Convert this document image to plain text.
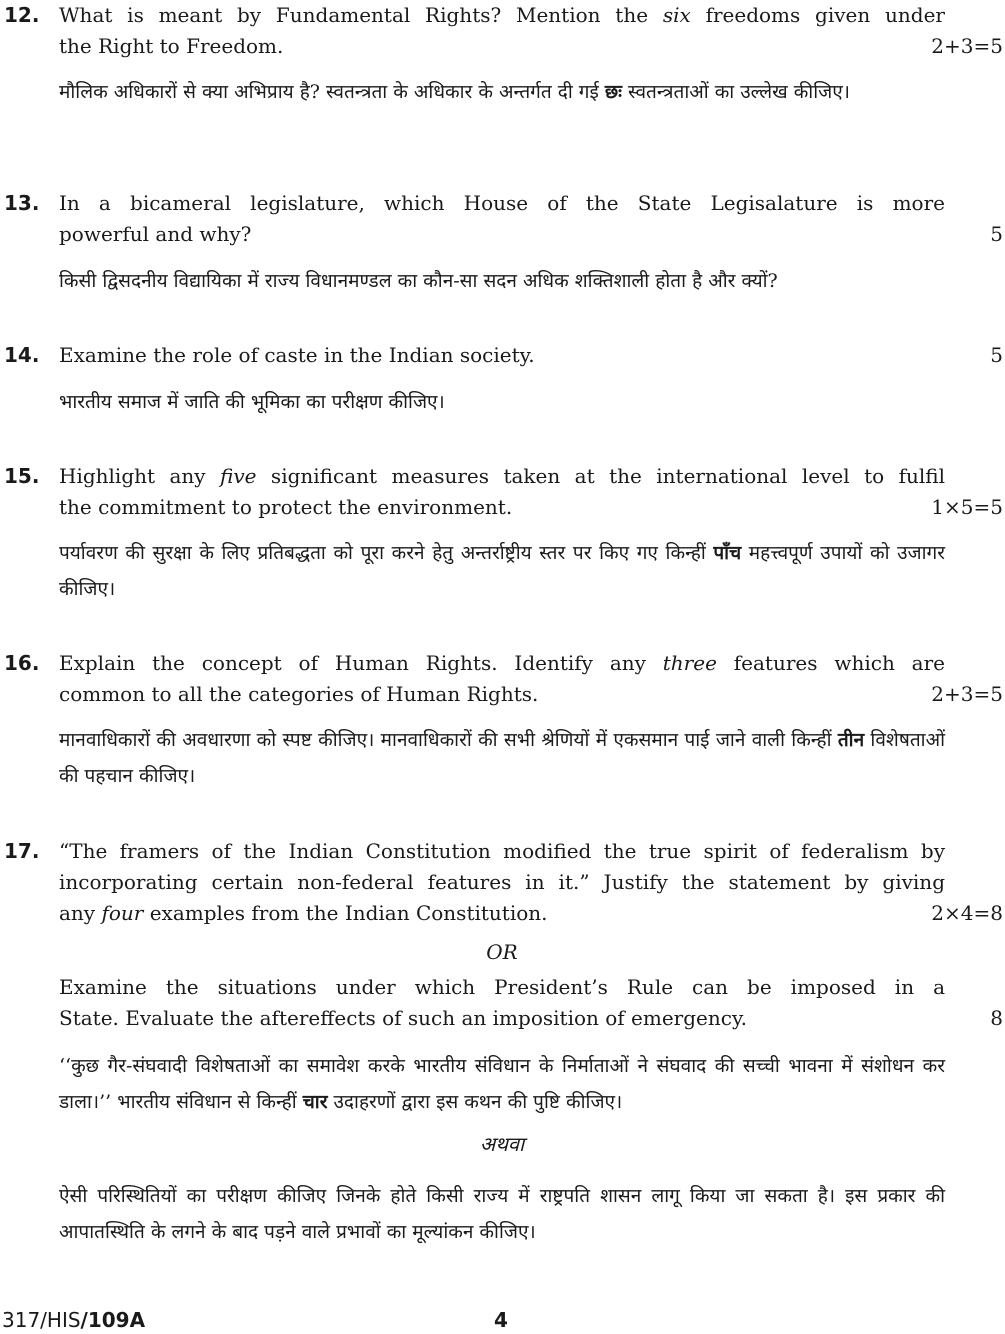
12. What is meant by Fundamental Rights? Mention the six freedoms given under
the Right to Freedom.	2+3=5
मौलिक अधिकारों से क्या अभिप्राय है? स्वतन्त्रता के अधिकार के अन्तर्गत दी गई छः स्वतन्त्रताओं का उल्लेख कीजिए।
13. In a bicameral legislature, which House of the State Legisalature is more
powerful and why?	5
किसी द्विसदनीय विद्यायिका में राज्य विधानमण्डल का कौन-सा सदन अधिक शक्तिशाली होता है और क्यों?
14. Examine the role of caste in the Indian society.	5
भारतीय समाज में जाति की भूमिका का परीक्षण कीजिए।
15. Highlight any five significant measures taken at the international level to fulfil
the commitment to protect the environment.	1×5=5
पर्यावरण की सुरक्षा के लिए प्रतिबद्धता को पूरा करने हेतु अन्तर्राष्ट्रीय स्तर पर किए गए किन्हीं पाँच महत्त्वपूर्ण उपायों को उजागर कीजिए।
16. Explain the concept of Human Rights. Identify any three features which are
common to all the categories of Human Rights.	2+3=5
मानवाधिकारों की अवधारणा को स्पष्ट कीजिए। मानवाधिकारों की सभी श्रेणियों में एकसमान पाई जाने वाली किन्हीं तीन विशेषताओं की पहचान कीजिए।
17. “The framers of the Indian Constitution modified the true spirit of federalism by
incorporating certain non-federal features in it.” Justify the statement by giving
any four examples from the Indian Constitution.	2×4=8
OR
Examine the situations under which President’s Rule can be imposed in a
State. Evaluate the aftereffects of such an imposition of emergency.	8
‘‘कुछ गैर-संघवादी विशेषताओं का समावेश करके भारतीय संविधान के निर्माताओं ने संघवाद की सच्ची भावना में संशोधन कर डाला।’’ भारतीय संविधान से किन्हीं चार उदाहरणों द्वारा इस कथन की पुष्टि कीजिए।
अथवा
ऐसी परिस्थितियों का परीक्षण कीजिए जिनके होते किसी राज्य में राष्ट्रपति शासन लागू किया जा सकता है। इस प्रकार की आपातस्थिति के लगने के बाद पड़ने वाले प्रभावों का मूल्यांकन कीजिए।
317/HIS/109A	4
